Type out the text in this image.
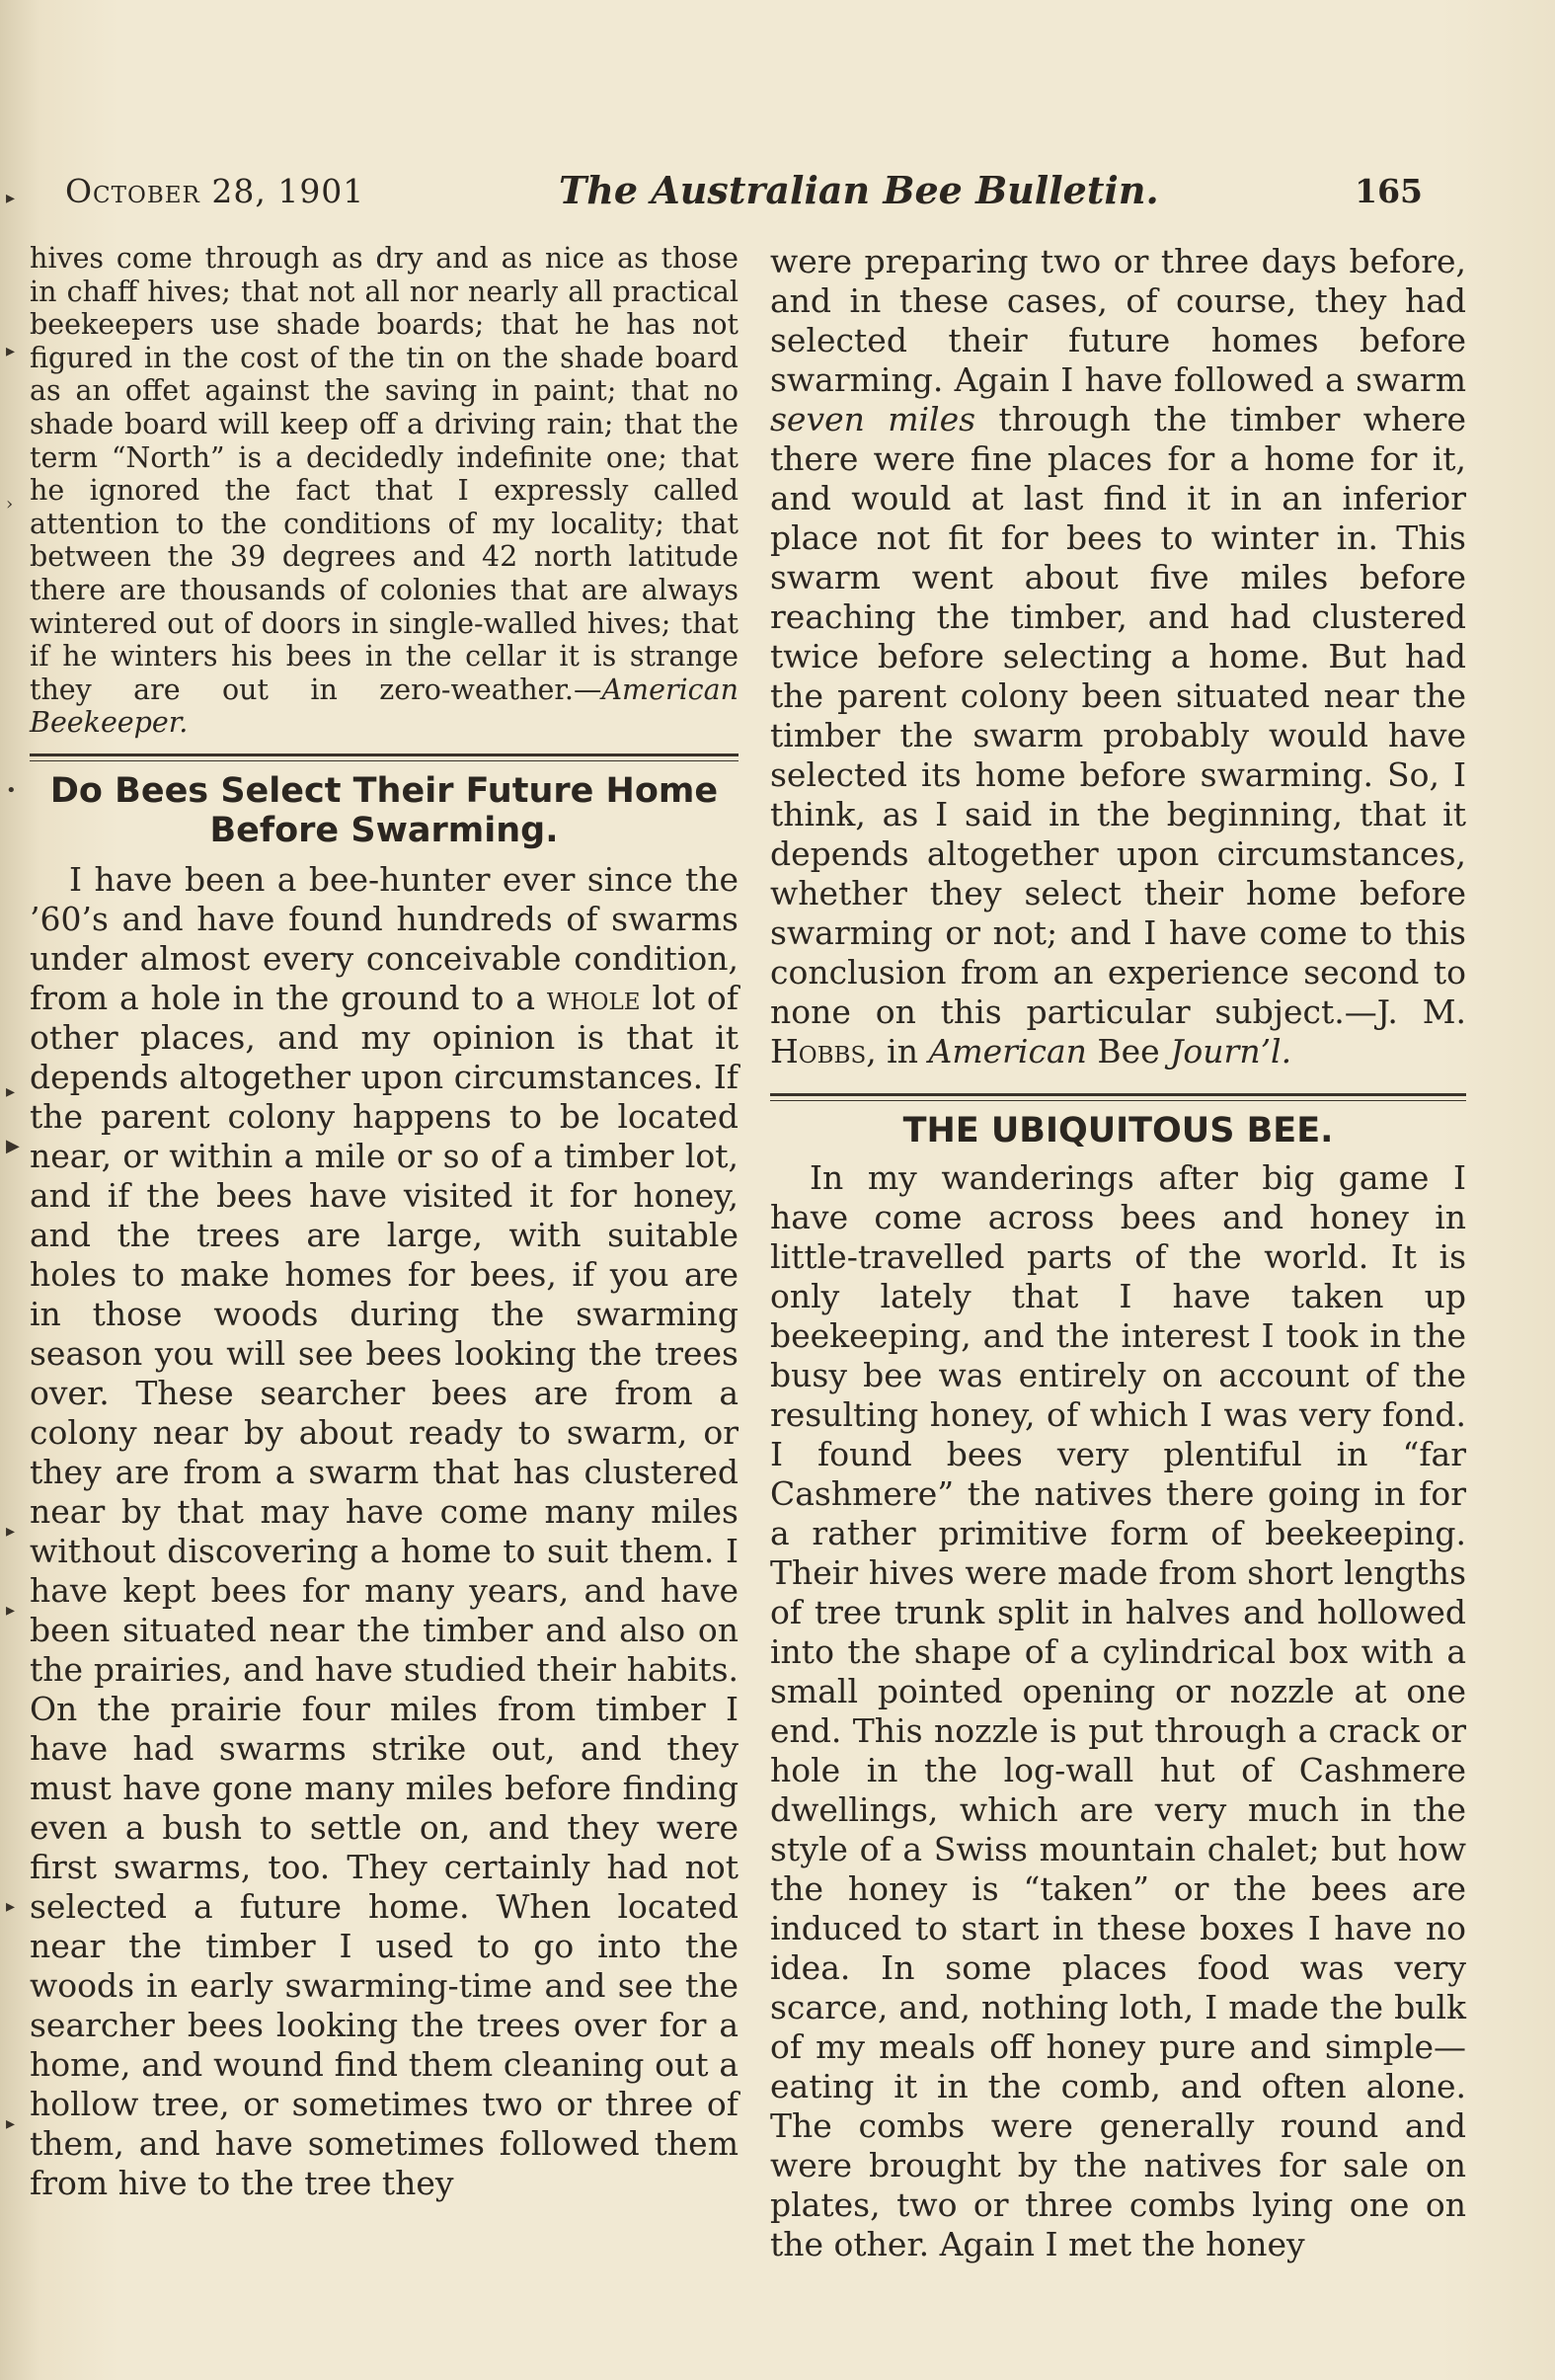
▸
▸
›
•
▸
▶
▸
▸
▸
▸
October 28, 1901	The Australian Bee Bulletin.	165

hives come through as dry and as nice as those in chaff hives; that not all nor nearly all practical beekeepers use shade boards; that he has not figured in the cost of the tin on the shade board as an offet against the saving in paint; that no shade board will keep off a driving rain; that the term “North” is a decidedly indefinite one; that he ignored the fact that I expressly called attention to the conditions of my locality; that between the 39 degrees and 42 north latitude there are thousands of colonies that are always wintered out of doors in single-walled hives; that if he winters his bees in the cellar it is strange they are out in zero-weather.—American Beekeeper.

Do Bees Select Their Future Home Before Swarming.

I have been a bee-hunter ever since the ’60’s and have found hundreds of swarms under almost every conceivable condition, from a hole in the ground to a whole lot of other places, and my opinion is that it depends altogether upon circumstances. If the parent colony happens to be located near, or within a mile or so of a timber lot, and if the bees have visited it for honey, and the trees are large, with suitable holes to make homes for bees, if you are in those woods during the swarming season you will see bees looking the trees over. These searcher bees are from a colony near by about ready to swarm, or they are from a swarm that has clustered near by that may have come many miles without discovering a home to suit them. I have kept bees for many years, and have been situated near the timber and also on the prairies, and have studied their habits. On the prairie four miles from timber I have had swarms strike out, and they must have gone many miles before finding even a bush to settle on, and they were first swarms, too. They certainly had not selected a future home. When located near the timber I used to go into the woods in early swarming-time and see the searcher bees looking the trees over for a home, and wound find them cleaning out a hollow tree, or sometimes two or three of them, and have sometimes followed them from hive to the tree they

were preparing two or three days before, and in these cases, of course, they had selected their future homes before swarming. Again I have followed a swarm seven miles through the timber where there were fine places for a home for it, and would at last find it in an inferior place not fit for bees to winter in. This swarm went about five miles before reaching the timber, and had clustered twice before selecting a home. But had the parent colony been situated near the timber the swarm probably would have selected its home before swarming. So, I think, as I said in the beginning, that it depends altogether upon circumstances, whether they select their home before swarming or not; and I have come to this conclusion from an experience second to none on this particular subject.—J. M. Hobbs, in American Bee Journ’l.

THE UBIQUITOUS BEE.

In my wanderings after big game I have come across bees and honey in little-travelled parts of the world. It is only lately that I have taken up beekeeping, and the interest I took in the busy bee was entirely on account of the resulting honey, of which I was very fond. I found bees very plentiful in “far Cashmere” the natives there going in for a rather primitive form of beekeeping. Their hives were made from short lengths of tree trunk split in halves and hollowed into the shape of a cylindrical box with a small pointed opening or nozzle at one end. This nozzle is put through a crack or hole in the log-wall hut of Cashmere dwellings, which are very much in the style of a Swiss mountain chalet; but how the honey is “taken” or the bees are induced to start in these boxes I have no idea. In some places food was very scarce, and, nothing loth, I made the bulk of my meals off honey pure and simple—eating it in the comb, and often alone. The combs were generally round and were brought by the natives for sale on plates, two or three combs lying one on the other. Again I met the honey
